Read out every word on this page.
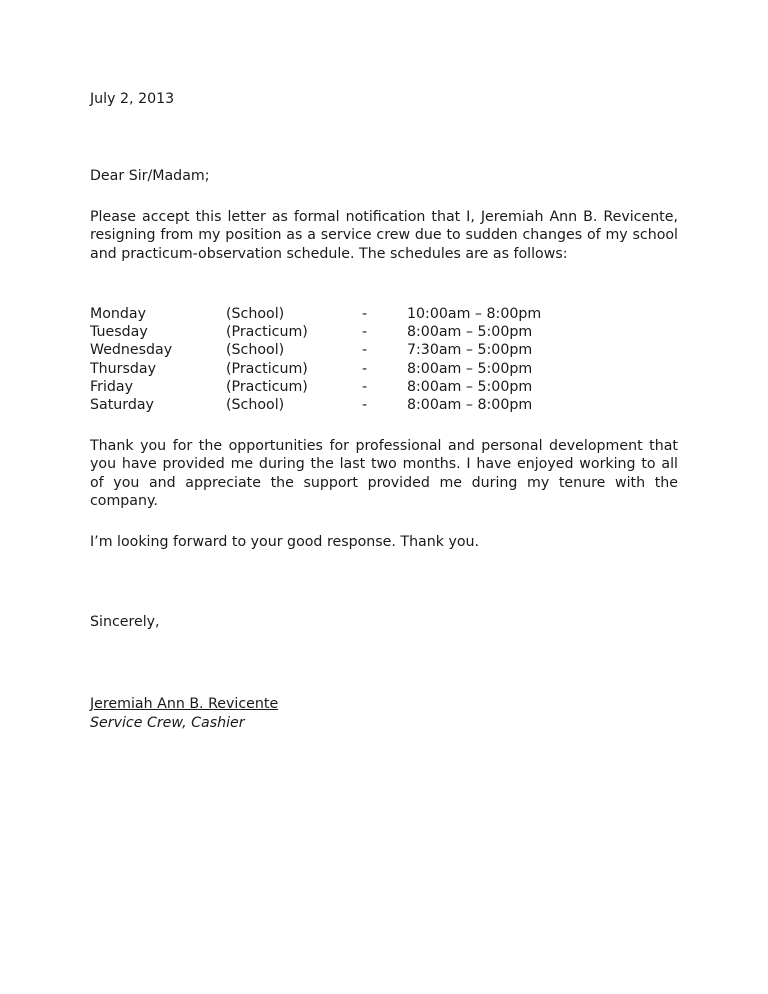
July 2, 2013

Dear Sir/Madam;

Please accept this letter as formal notification that I, Jeremiah Ann B. Revicente, resigning from my position as a service crew due to sudden changes of my school and practicum-observation schedule. The schedules are as follows:

Monday	(School)	-	10:00am – 8:00pm
Tuesday	(Practicum)	-	8:00am – 5:00pm
Wednesday	(School)	-	7:30am – 5:00pm
Thursday	(Practicum)	-	8:00am – 5:00pm
Friday	(Practicum)	-	8:00am – 5:00pm
Saturday	(School)	-	8:00am – 8:00pm

Thank you for the opportunities for professional and personal development that you have provided me during the last two months. I have enjoyed working to all of you and appreciate the support provided me during my tenure with the company.

I’m looking forward to your good response. Thank you.

Sincerely,

Jeremiah Ann B. Revicente

Service Crew, Cashier
